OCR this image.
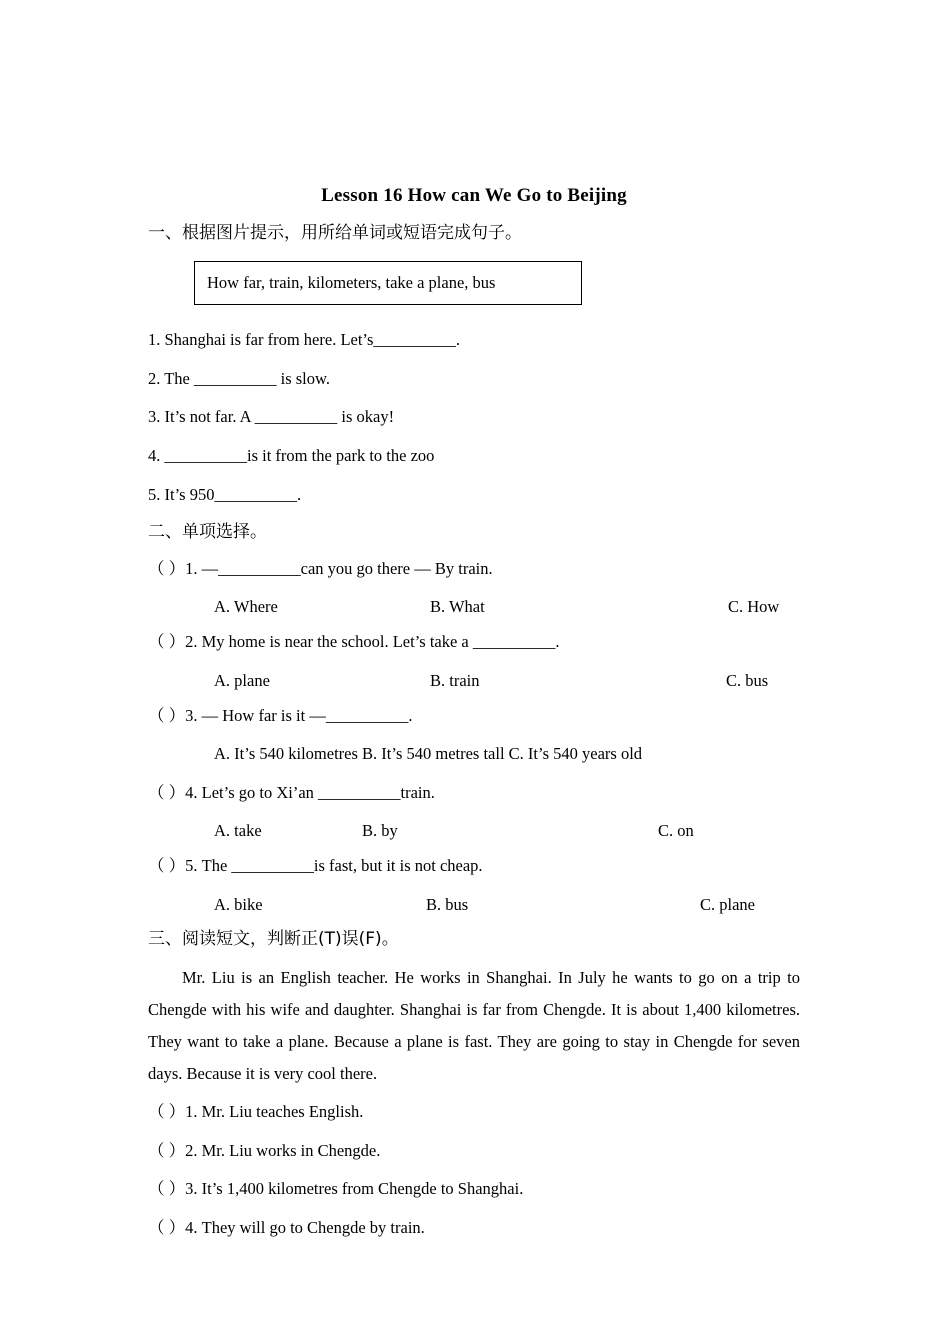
Lesson 16 How can We Go to Beijing
一、根据图片提示，用所给单词或短语完成句子。
How far, train, kilometers, take a plane, bus
1. Shanghai is far from here. Let’s__________.
2. The __________ is slow.
3. It’s not far. A __________ is okay!
4. __________is it from the park to the zoo
5. It’s 950__________.
二、单项选择。
（ ）1. —__________can you go there — By train.
A. Where	B. What	C. How
（ ）2. My home is near the school. Let’s take a __________.
A. plane	B. train	C. bus
（ ）3. — How far is it —__________.
A. It’s 540 kilometres B. It’s 540 metres tall C. It’s 540 years old
（ ）4. Let’s go to Xi’an __________train.
A. take	B. by	C. on
（ ）5. The __________is fast, but it is not cheap.
A. bike	B. bus	C. plane
三、阅读短文，判断正(T)误(F)。
Mr. Liu is an English teacher. He works in Shanghai. In July he wants to go on a trip to Chengde with his wife and daughter. Shanghai is far from Chengde. It is about 1,400 kilometres. They want to take a plane. Because a plane is fast. They are going to stay in Chengde for seven days. Because it is very cool there.
（ ）1. Mr. Liu teaches English.
（ ）2. Mr. Liu works in Chengde.
（ ）3. It’s 1,400 kilometres from Chengde to Shanghai.
（ ）4. They will go to Chengde by train.
